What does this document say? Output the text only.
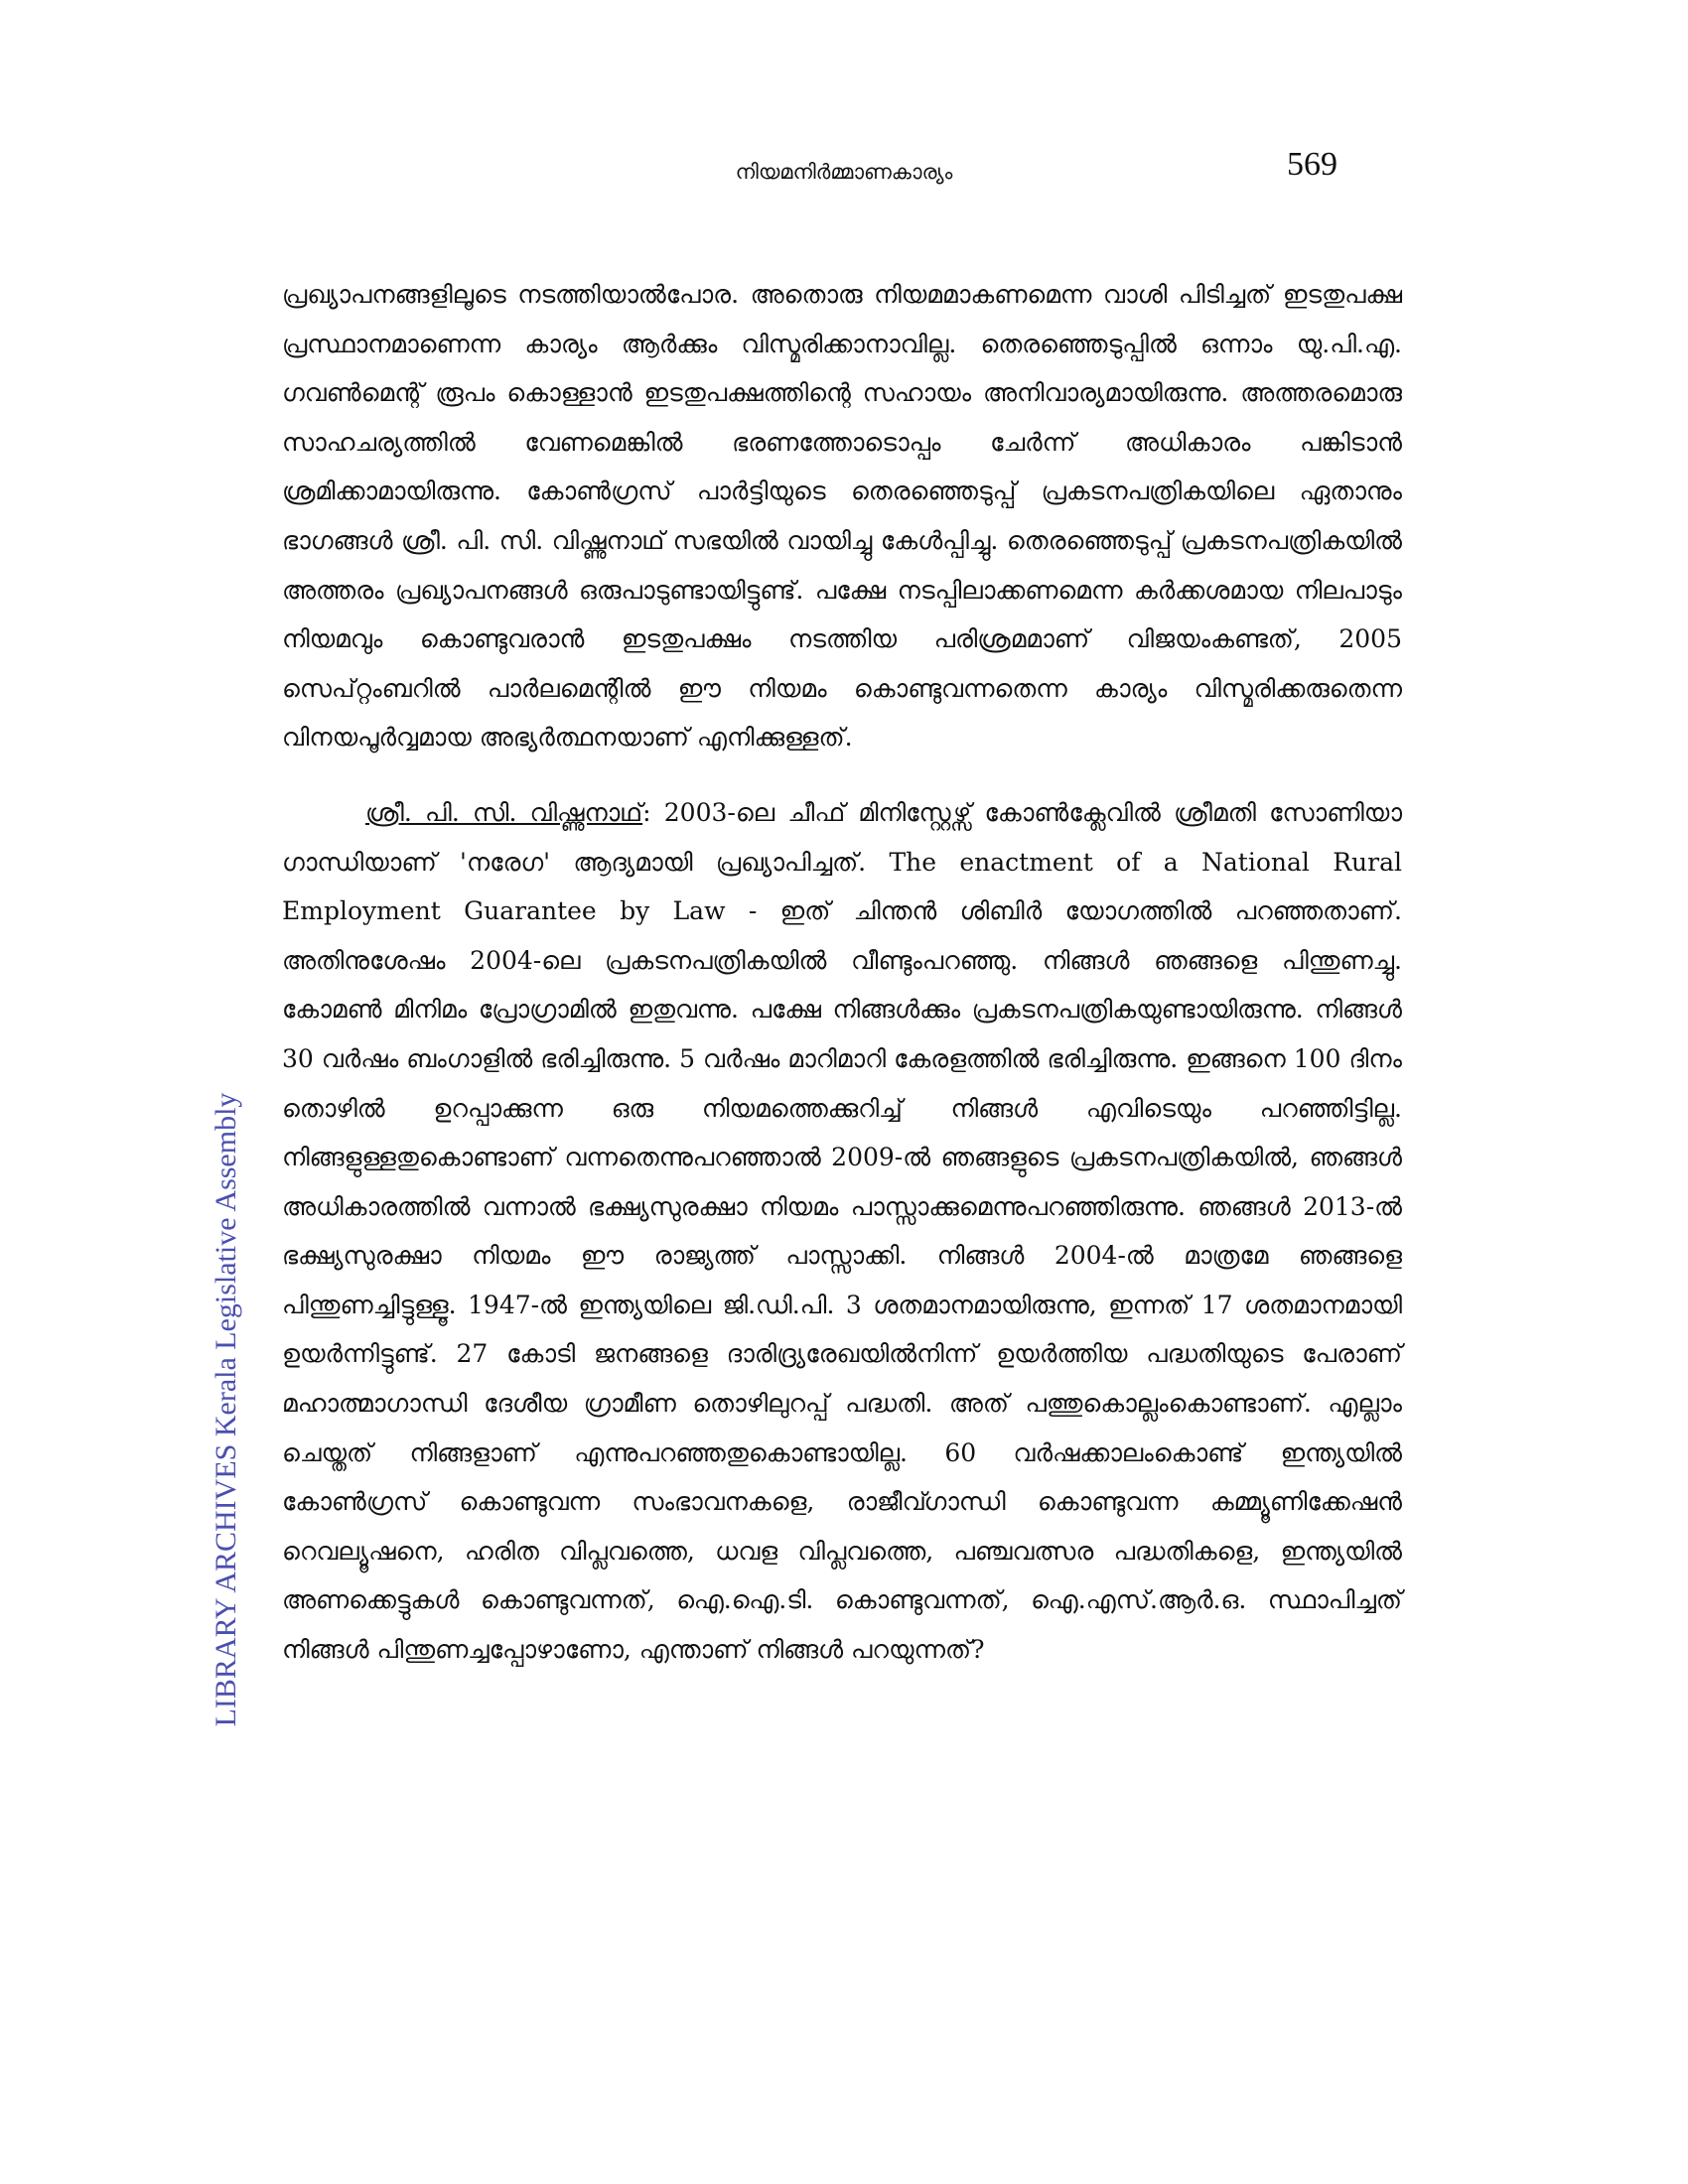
നിയമനിർമ്മാണകാര്യം	569
LIBRARY ARCHIVES Kerala Legislative Assembly

പ്രഖ്യാപനങ്ങളിലൂടെ നടത്തിയാൽപോര. അതൊരു നിയമമാകണമെന്ന വാശി പിടിച്ചത് ഇടതുപക്ഷ പ്രസ്ഥാനമാണെന്ന കാര്യം ആർക്കും വിസ്മരിക്കാനാവില്ല. തെരഞ്ഞെടുപ്പിൽ ഒന്നാം യു.പി.എ. ഗവൺമെന്റ് രൂപം കൊള്ളാൻ ഇടതുപക്ഷത്തിന്റെ സഹായം അനിവാര്യമായിരുന്നു. അത്തരമൊരു സാഹചര്യത്തിൽ വേണമെങ്കിൽ ഭരണത്തോടൊപ്പം ചേർന്ന് അധികാരം പങ്കിടാൻ ശ്രമിക്കാമായിരുന്നു. കോൺഗ്രസ് പാർട്ടിയുടെ തെരഞ്ഞെടുപ്പ് പ്രകടനപത്രികയിലെ ഏതാനും ഭാഗങ്ങൾ ശ്രീ. പി. സി. വിഷ്ണുനാഥ് സഭയിൽ വായിച്ചു കേൾപ്പിച്ചു. തെരഞ്ഞെടുപ്പ് പ്രകടനപത്രികയിൽ അത്തരം പ്രഖ്യാപനങ്ങൾ ഒരുപാടുണ്ടായിട്ടുണ്ട്. പക്ഷേ നടപ്പിലാക്കണമെന്ന കർക്കശമായ നിലപാടും നിയമവും കൊണ്ടുവരാൻ ഇടതുപക്ഷം നടത്തിയ പരിശ്രമമാണ് വിജയംകണ്ടത്, 2005 സെപ്റ്റംബറിൽ പാർലമെന്റിൽ ഈ നിയമം കൊണ്ടുവന്നതെന്ന കാര്യം വിസ്മരിക്കരുതെന്ന വിനയപൂർവ്വമായ അഭ്യർത്ഥനയാണ് എനിക്കുള്ളത്.

ശ്രീ. പി. സി. വിഷ്ണുനാഥ്: 2003-ലെ ചീഫ് മിനിസ്റ്റേഴ്സ് കോൺക്ലേവിൽ ശ്രീമതി സോണിയാ ഗാന്ധിയാണ് 'നരേഗ' ആദ്യമായി പ്രഖ്യാപിച്ചത്. The enactment of a National Rural Employment Guarantee by Law - ഇത് ചിന്തൻ ശിബിർ യോഗത്തിൽ പറഞ്ഞതാണ്. അതിനുശേഷം 2004-ലെ പ്രകടനപത്രികയിൽ വീണ്ടുംപറഞ്ഞു. നിങ്ങൾ ഞങ്ങളെ പിന്തുണച്ചു. കോമൺ മിനിമം പ്രോഗ്രാമിൽ ഇതുവന്നു. പക്ഷേ നിങ്ങൾക്കും പ്രകടനപത്രികയുണ്ടായിരുന്നു. നിങ്ങൾ 30 വർഷം ബംഗാളിൽ ഭരിച്ചിരുന്നു. 5 വർഷം മാറിമാറി കേരളത്തിൽ ഭരിച്ചിരുന്നു. ഇങ്ങനെ 100 ദിനം തൊഴിൽ ഉറപ്പാക്കുന്ന ഒരു നിയമത്തെക്കുറിച്ച് നിങ്ങൾ എവിടെയും പറഞ്ഞിട്ടില്ല. നിങ്ങളുള്ളതുകൊണ്ടാണ് വന്നതെന്നുപറഞ്ഞാൽ 2009-ൽ ഞങ്ങളുടെ പ്രകടനപത്രികയിൽ, ഞങ്ങൾ അധികാരത്തിൽ വന്നാൽ ഭക്ഷ്യസുരക്ഷാ നിയമം പാസ്സാക്കുമെന്നുപറഞ്ഞിരുന്നു. ഞങ്ങൾ 2013-ൽ ഭക്ഷ്യസുരക്ഷാ നിയമം ഈ രാജ്യത്ത് പാസ്സാക്കി. നിങ്ങൾ 2004-ൽ മാത്രമേ ഞങ്ങളെ പിന്തുണച്ചിട്ടുള്ളൂ. 1947-ൽ ഇന്ത്യയിലെ ജി.ഡി.പി. 3 ശതമാനമായിരുന്നു, ഇന്നത് 17 ശതമാനമായി ഉയർന്നിട്ടുണ്ട്. 27 കോടി ജനങ്ങളെ ദാരിദ്ര്യരേഖയിൽനിന്ന് ഉയർത്തിയ പദ്ധതിയുടെ പേരാണ് മഹാത്മാഗാന്ധി ദേശീയ ഗ്രാമീണ തൊഴിലുറപ്പ് പദ്ധതി. അത് പത്തുകൊല്ലംകൊണ്ടാണ്. എല്ലാം ചെയ്തത് നിങ്ങളാണ് എന്നുപറഞ്ഞതുകൊണ്ടായില്ല. 60 വർഷക്കാലംകൊണ്ട് ഇന്ത്യയിൽ കോൺഗ്രസ് കൊണ്ടുവന്ന സംഭാവനകളെ, രാജീവ്ഗാന്ധി കൊണ്ടുവന്ന കമ്മ്യൂണിക്കേഷൻ റെവല്യൂഷനെ, ഹരിത വിപ്ലവത്തെ, ധവള വിപ്ലവത്തെ, പഞ്ചവത്സര പദ്ധതികളെ, ഇന്ത്യയിൽ അണക്കെട്ടുകൾ കൊണ്ടുവന്നത്, ഐ.ഐ.ടി. കൊണ്ടുവന്നത്, ഐ.എസ്.ആർ.ഒ. സ്ഥാപിച്ചത് നിങ്ങൾ പിന്തുണച്ചപ്പോഴാണോ, എന്താണ് നിങ്ങൾ പറയുന്നത്?
